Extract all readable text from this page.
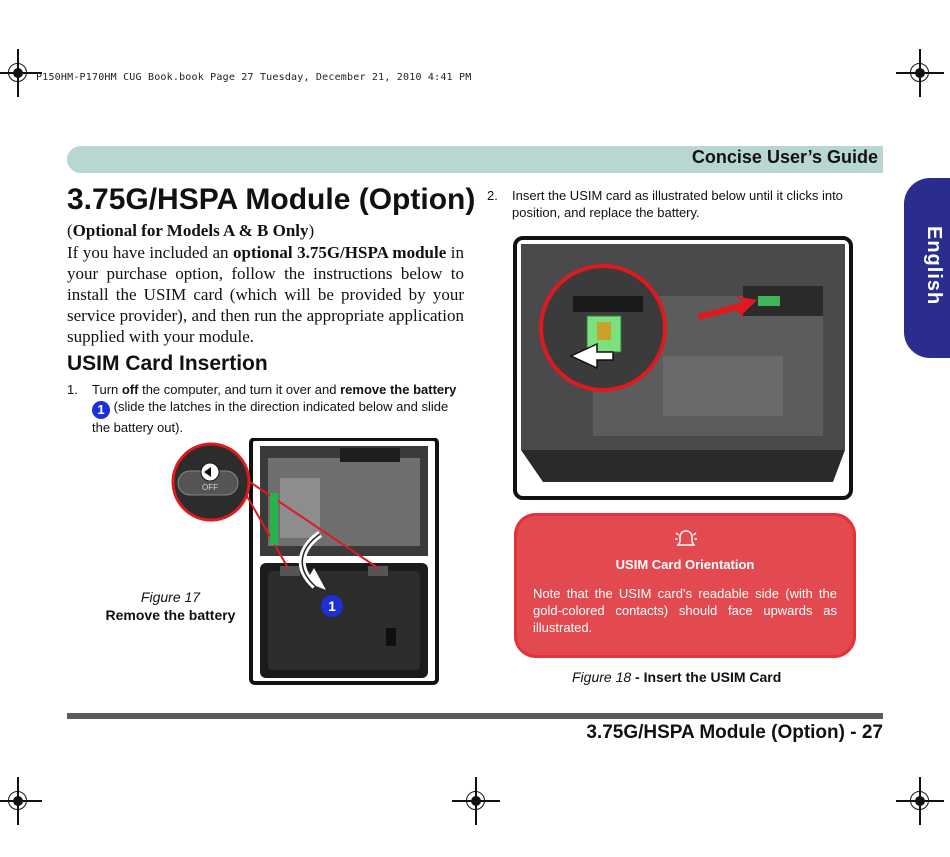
P150HM-P170HM CUG Book.book Page 27 Tuesday, December 21, 2010 4:41 PM
Concise User’s Guide
English
3.75G/HSPA Module (Option)
(Optional for Models A & B Only)
If you have included an optional 3.75G/HSPA module in your purchase option, follow the instructions below to install the USIM card (which will be provided by your service provider), and then run the appropriate application supplied with your module.
USIM Card Insertion
1. Turn off the computer, and turn it over and remove the battery 1 (slide the latches in the direction indicated below and slide the battery out).
2. Insert the USIM card as illustrated below until it clicks into position, and replace the battery.
OFF
1
Figure 17
Remove the battery
USIM Card Orientation
Note that the USIM card’s readable side (with the gold-colored contacts) should face upwards as illustrated.
Figure 18 - Insert the USIM Card
3.75G/HSPA Module (Option) - 27
